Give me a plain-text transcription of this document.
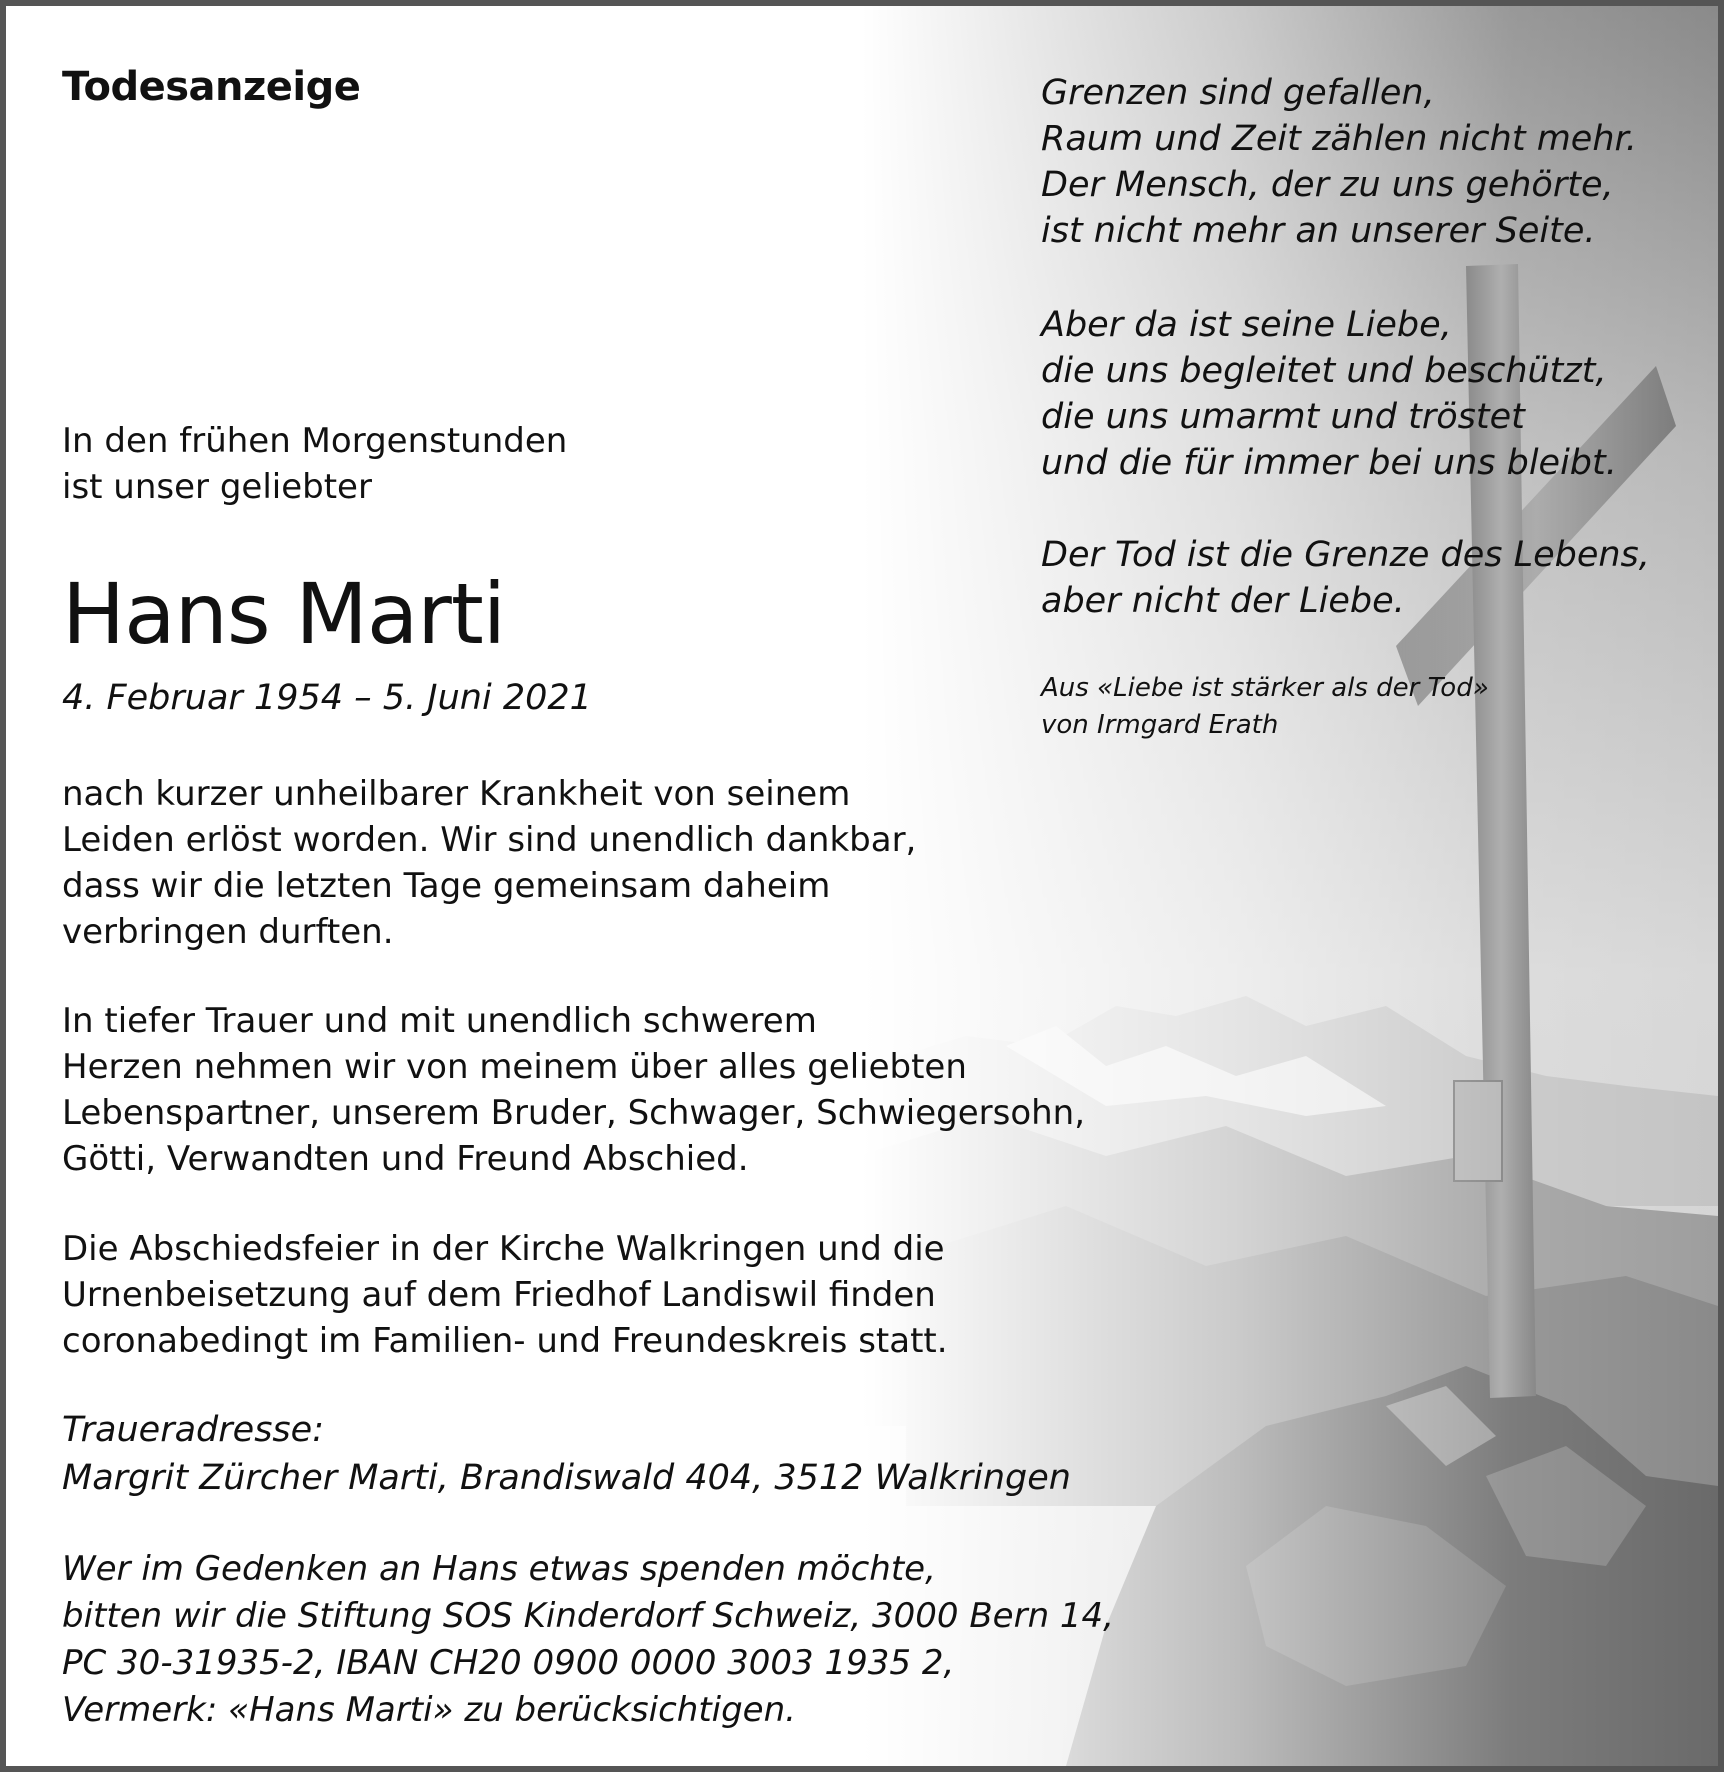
Todesanzeige
In den frühen Morgenstunden
ist unser geliebter
Hans Marti
4. Februar 1954 – 5. Juni 2021
nach kurzer unheilbarer Krankheit von seinem
Leiden erlöst worden. Wir sind unendlich dankbar,
dass wir die letzten Tage gemeinsam daheim
verbringen durften.
In tiefer Trauer und mit unendlich schwerem
Herzen nehmen wir von meinem über alles geliebten
Lebenspartner, unserem Bruder, Schwager, Schwiegersohn,
Götti, Verwandten und Freund Abschied.
Die Abschiedsfeier in der Kirche Walkringen und die
Urnenbeisetzung auf dem Friedhof Landiswil finden
coronabedingt im Familien- und Freundeskreis statt.
Traueradresse:
Margrit Zürcher Marti, Brandiswald 404, 3512 Walkringen
Wer im Gedenken an Hans etwas spenden möchte,
bitten wir die Stiftung SOS Kinderdorf Schweiz, 3000 Bern 14,
PC 30-31935-2, IBAN CH20 0900 0000 3003 1935 2,
Vermerk: «Hans Marti» zu berücksichtigen.
Grenzen sind gefallen,
Raum und Zeit zählen nicht mehr.
Der Mensch, der zu uns gehörte,
ist nicht mehr an unserer Seite.
Aber da ist seine Liebe,
die uns begleitet und beschützt,
die uns umarmt und tröstet
und die für immer bei uns bleibt.
Der Tod ist die Grenze des Lebens,
aber nicht der Liebe.
Aus «Liebe ist stärker als der Tod»
von Irmgard Erath
